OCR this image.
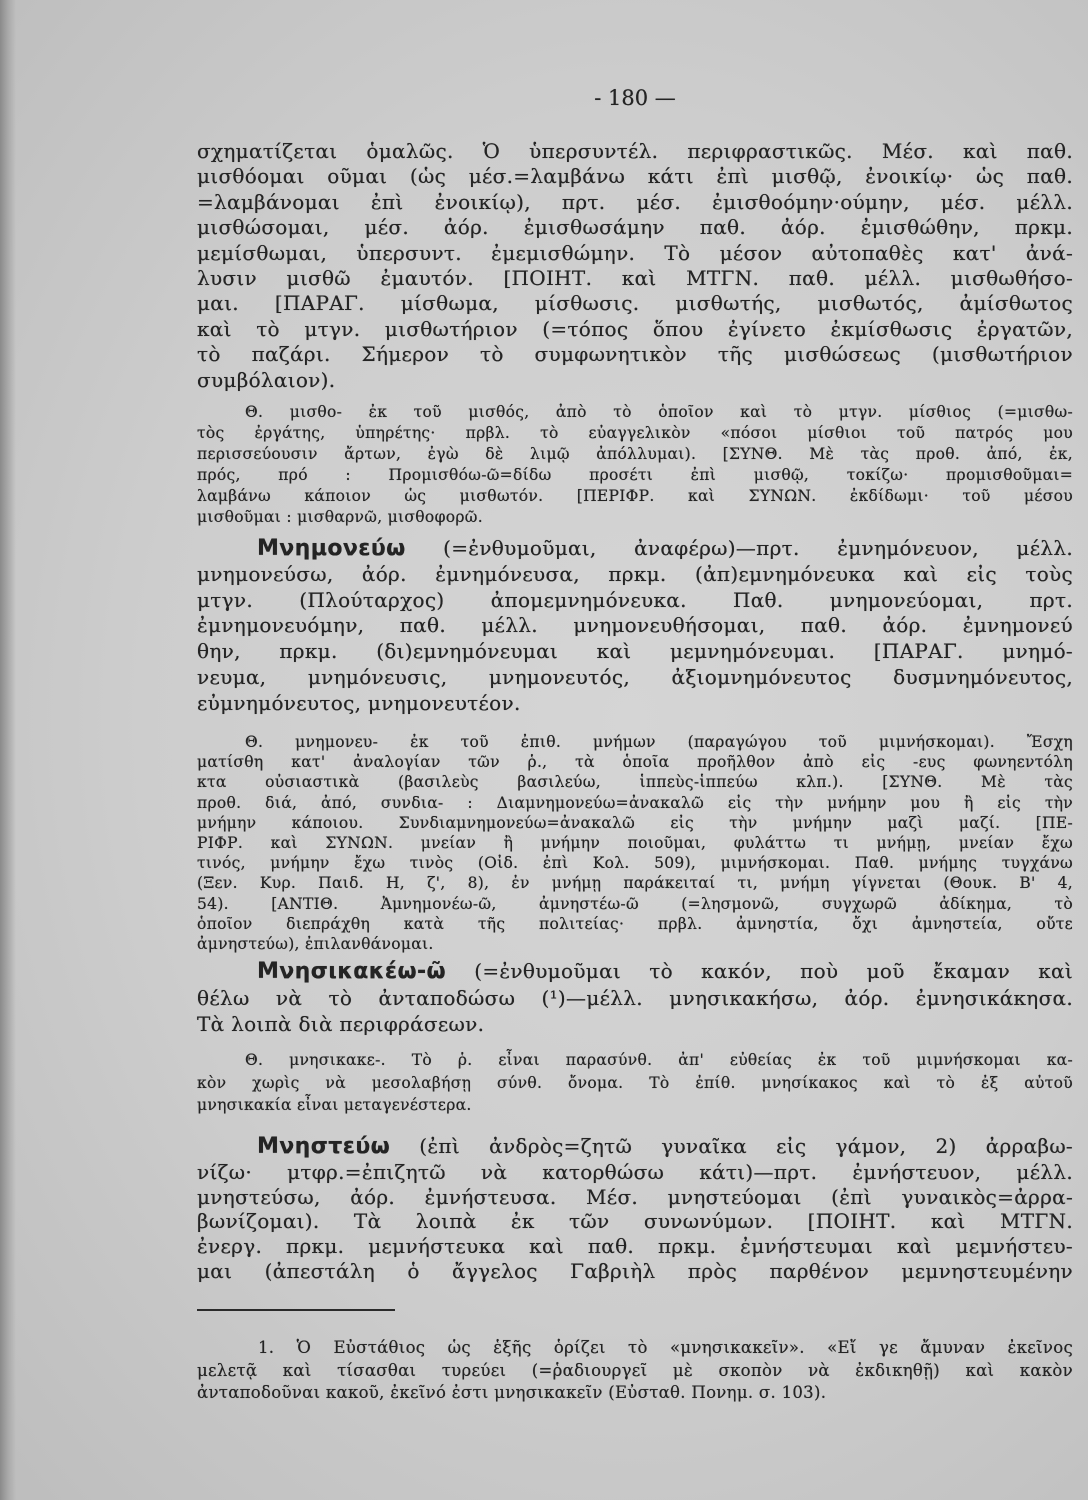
- 180 —
σχηματίζεται ὁμαλῶς. Ὁ ὑπερσυντέλ. περιφραστικῶς. Μέσ. καὶ παθ.
μισθόομαι οῦμαι (ὡς μέσ.=λαμβάνω κάτι ἐπὶ μισθῷ, ἐνοικίῳ· ὡς παθ.
=λαμβάνομαι ἐπὶ ἐνοικίῳ), πρτ. μέσ. ἐμισθοόμην·ούμην, μέσ. μέλλ.
μισθώσομαι, μέσ. ἀόρ. ἐμισθωσάμην παθ. ἀόρ. ἐμισθώθην, πρκμ.
μεμίσθωμαι, ὑπερσυντ. ἐμεμισθώμην. Τὸ μέσον αὐτοπαθὲς κατ' ἀνά-
λυσιν μισθῶ ἐμαυτόν. [ΠΟΙΗΤ. καὶ ΜΤΓΝ. παθ. μέλλ. μισθωθήσο-
μαι. [ΠΑΡΑΓ. μίσθωμα, μίσθωσις. μισθωτής, μισθωτός, ἀμίσθωτος
καὶ τὸ μτγν. μισθωτήριον (=τόπος ὅπου ἐγίνετο ἐκμίσθωσις ἐργατῶν,
τὸ παζάρι. Σήμερον τὸ συμφωνητικὸν τῆς μισθώσεως (μισθωτήριον
συμβόλαιον).
Θ. μισθο- ἐκ τοῦ μισθός, ἀπὸ τὸ ὁποῖον καὶ τὸ μτγν. μίσθιος (=μισθω-
τὸς ἐργάτης, ὑπηρέτης· πρβλ. τὸ εὐαγγελικὸν «πόσοι μίσθιοι τοῦ πατρός μου
περισσεύουσιν ἄρτων, ἐγὼ δὲ λιμῷ ἀπόλλυμαι). [ΣΥΝΘ. Μὲ τὰς προθ. ἀπό, ἐκ,
πρός, πρό : Προμισθόω-ῶ=δίδω προσέτι ἐπὶ μισθῷ, τοκίζω· προμισθοῦμαι=
λαμβάνω κάποιον ὡς μισθωτόν. [ΠΕΡΙΦΡ. καὶ ΣΥΝΩΝ. ἐκδίδωμι· τοῦ μέσου
μισθοῦμαι : μισθαρνῶ, μισθοφορῶ.
Μνημονεύω (=ἐνθυμοῦμαι, ἀναφέρω)—πρτ. ἐμνημόνευον, μέλλ.
μνημονεύσω, ἀόρ. ἐμνημόνευσα, πρκμ. (ἀπ)εμνημόνευκα καὶ εἰς τοὺς
μτγν. (Πλούταρχος) ἀπομεμνημόνευκα. Παθ. μνημονεύομαι, πρτ.
ἐμνημονευόμην, παθ. μέλλ. μνημονευθήσομαι, παθ. ἀόρ. ἐμνημονεύ
θην, πρκμ. (δι)εμνημόνευμαι καὶ μεμνημόνευμαι. [ΠΑΡΑΓ. μνημό-
νευμα, μνημόνευσις, μνημονευτός, ἀξιομνημόνευτος δυσμνημόνευτος,
εὐμνημόνευτος, μνημονευτέον.
Θ. μνημονευ- ἐκ τοῦ ἐπιθ. μνήμων (παραγώγου τοῦ μιμνήσκομαι). Ἔσχη
ματίσθη κατ' ἀναλογίαν τῶν ῥ., τὰ ὁποῖα προῆλθον ἀπὸ εἰς -ευς φωνηεντόλη
κτα οὐσιαστικὰ (βασιλεὺς βασιλεύω, ἱππεὺς-ἱππεύω κλπ.). [ΣΥΝΘ. Μὲ τὰς
προθ. διά, ἀπό, συνδια- : Διαμνημονεύω=ἀνακαλῶ εἰς τὴν μνήμην μου ἢ εἰς τὴν
μνήμην κάποιου. Συνδιαμνημονεύω=ἀνακαλῶ εἰς τὴν μνήμην μαζὶ μαζί. [ΠΕ-
ΡΙΦΡ. καὶ ΣΥΝΩΝ. μνείαν ἢ μνήμην ποιοῦμαι, φυλάττω τι μνήμῃ, μνείαν ἔχω
τινός, μνήμην ἔχω τινὸς (Οἰδ. ἐπὶ Κολ. 509), μιμνήσκομαι. Παθ. μνήμης τυγχάνω
(Ξεν. Κυρ. Παιδ. Η, ζ', 8), ἐν μνήμῃ παράκειταί τι, μνήμη γίγνεται (Θουκ. Β' 4,
54). [ΑΝΤΙΘ. Ἀμνημονέω-ῶ, ἀμνηστέω-ῶ (=λησμονῶ, συγχωρῶ ἀδίκημα, τὸ
ὁποῖον διεπράχθη κατὰ τῆς πολιτείας· πρβλ. ἀμνηστία, ὄχι ἀμνηστεία, οὔτε
ἀμνηστεύω), ἐπιλανθάνομαι.
Μνησικακέω-ῶ (=ἐνθυμοῦμαι τὸ κακόν, ποὺ μοῦ ἔκαμαν καὶ
θέλω νὰ τὸ ἀνταποδώσω (¹)—μέλλ. μνησικακήσω, ἀόρ. ἐμνησικάκησα.
Τὰ λοιπὰ διὰ περιφράσεων.
Θ. μνησικακε-. Τὸ ῥ. εἶναι παρασύνθ. ἀπ' εὐθείας ἐκ τοῦ μιμνήσκομαι κα-
κὸν χωρὶς νὰ μεσολαβήσῃ σύνθ. ὄνομα. Τὸ ἐπίθ. μνησίκακος καὶ τὸ ἐξ αὐτοῦ
μνησικακία εἶναι μεταγενέστερα.
Μνηστεύω (ἐπὶ ἀνδρὸς=ζητῶ γυναῖκα εἰς γάμον, 2) ἀρραβω-
νίζω· μτφρ.=ἐπιζητῶ νὰ κατορθώσω κάτι)—πρτ. ἐμνήστευον, μέλλ.
μνηστεύσω, ἀόρ. ἐμνήστευσα. Μέσ. μνηστεύομαι (ἐπὶ γυναικὸς=ἀρρα-
βωνίζομαι). Τὰ λοιπὰ ἐκ τῶν συνωνύμων. [ΠΟΙΗΤ. καὶ ΜΤΓΝ.
ἐνεργ. πρκμ. μεμνήστευκα καὶ παθ. πρκμ. ἐμνήστευμαι καὶ μεμνήστευ-
μαι (ἀπεστάλη ὁ ἄγγελος Γαβριὴλ πρὸς παρθένον μεμνηστευμένην
1. Ὁ Εὐστάθιος ὡς ἑξῆς ὁρίζει τὸ «μνησικακεῖν». «Εἴ γε ἄμυναν ἐκεῖνος
μελετᾷ καὶ τίσασθαι τυρεύει (=ῥαδιουργεῖ μὲ σκοπὸν νὰ ἐκδικηθῇ) καὶ κακὸν
ἀνταποδοῦναι κακοῦ, ἐκεῖνό ἐστι μνησικακεῖν (Εὐσταθ. Πονημ. σ. 103).
